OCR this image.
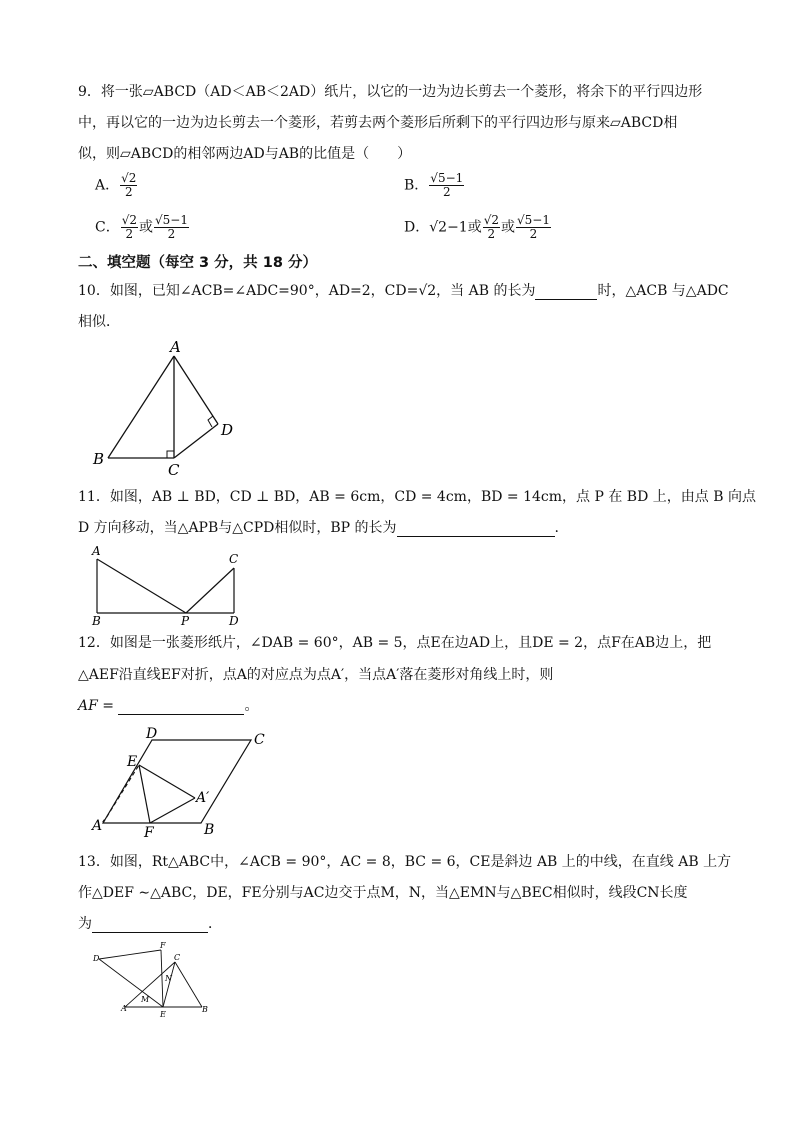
9．将一张▱ABCD（AD＜AB＜2AD）纸片，以它的一边为边长剪去一个菱形，将余下的平行四边形
中，再以它的一边为边长剪去一个菱形，若剪去两个菱形后所剩下的平行四边形与原来▱ABCD相
似，则▱ABCD的相邻两边AD与AB的比值是（　　）
A． $\frac{√2}{2}$	B． $\frac{√5-1}{2}$
C． $\frac{√2}{2}$ 或 $\frac{√5-1}{2}$	D．√2−1或 $\frac{√2}{2}$ 或 $\frac{√5-1}{2}$
二、填空题（每空 3 分，共 18 分）
10．如图，已知∠ACB=∠ADC=90°，AD=2，CD=√2，当 AB 的长为	时，△ACB 与△ADC
相似．
A
B
C
D
11．如图，AB ⊥ BD，CD ⊥ BD，AB = 6cm，CD = 4cm，BD = 14cm，点 P 在 BD 上，由点 B 向点
D 方向移动，当△APB与△CPD相似时，BP 的长为	.
A
B	P
C
D
12．如图是一张菱形纸片，∠DAB = 60°，AB = 5，点E在边AD上，且DE = 2，点F在AB边上，把
△AEF沿直线EF对折，点A的对应点为点A′，当点A′落在菱形对角线上时，则
AF =	。
D	C
E
A′
A′	F	B
13．如图，Rt△ABC中，∠ACB = 90°，AC = 8，BC = 6，CE是斜边 AB 上的中线，在直线 AB 上方
作△DEF ∼△ABC，DE，FE分别与AC边交于点M，N，当△EMN与△BEC相似时，线段CN长度
为	．
D
F
C
N
M
A
E
B
